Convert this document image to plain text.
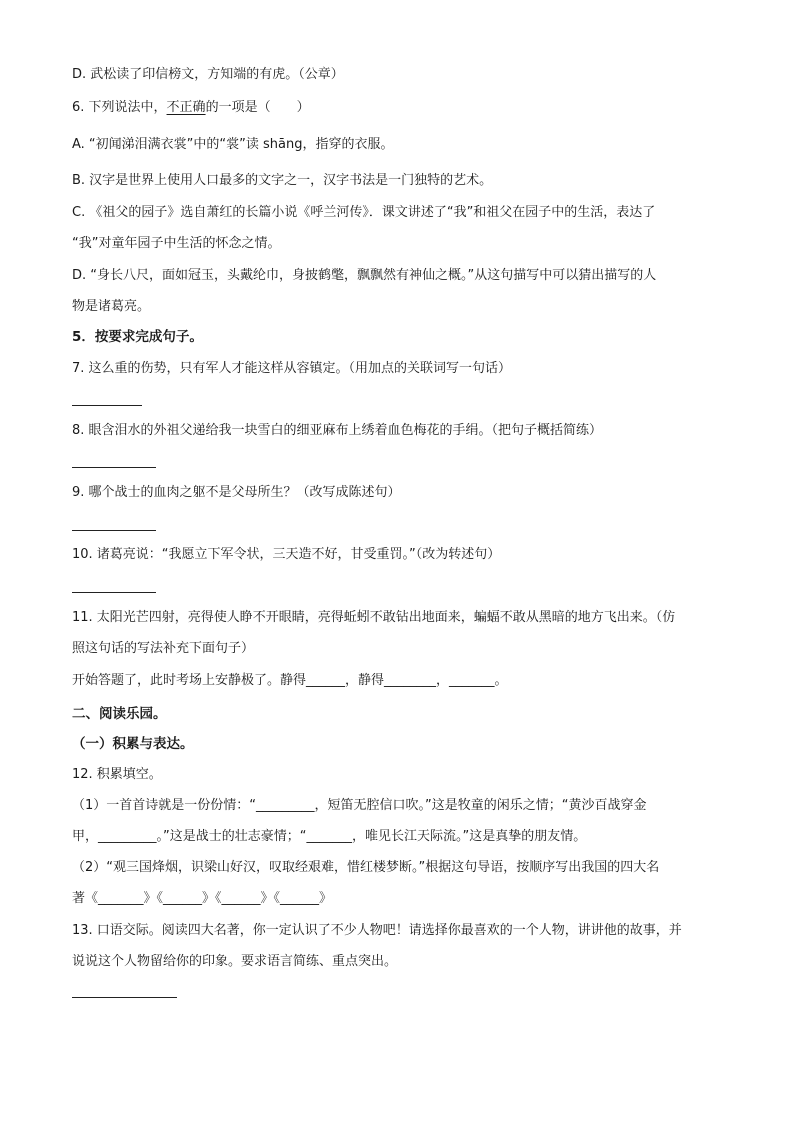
D. 武松读了印信榜文，方知端的有虎。（公章）
6. 下列说法中，不正确的一项是（　　）
A. “初闻涕泪满衣裳”中的“裳”读 shāng，指穿的衣服。
B. 汉字是世界上使用人口最多的文字之一，汉字书法是一门独特的艺术。
C. 《祖父的园子》选自萧红的长篇小说《呼兰河传》．课文讲述了“我”和祖父在园子中的生活，表达了
“我”对童年园子中生活的怀念之情。
D. “身长八尺，面如冠玉，头戴纶巾，身披鹤氅，飘飘然有神仙之概。”从这句描写中可以猜出描写的人
物是诸葛亮。
5．按要求完成句子。
7. 这么重的伤势，只有军人才能这样从容镇定。（用加点的关联词写一句话）
8. 眼含泪水的外祖父递给我一块雪白的细亚麻布上绣着血色梅花的手绢。（把句子概括简练）
9. 哪个战士的血肉之躯不是父母所生？（改写成陈述句）
10. 诸葛亮说：“我愿立下军令状，三天造不好，甘受重罚。”（改为转述句）
11. 太阳光芒四射，亮得使人睁不开眼睛，亮得蚯蚓不敢钻出地面来，蝙蝠不敢从黑暗的地方飞出来。（仿
照这句话的写法补充下面句子）
开始答题了，此时考场上安静极了。静得______，静得________，_______。
二、阅读乐园。
（一）积累与表达。
12. 积累填空。
（1）一首首诗就是一份份情：“_________，短笛无腔信口吹。”这是牧童的闲乐之情；“黄沙百战穿金
甲，_________。”这是战士的壮志豪情；“_______，唯见长江天际流。”这是真挚的朋友情。
（2）“观三国烽烟，识梁山好汉，叹取经艰难，惜红楼梦断。”根据这句导语，按顺序写出我国的四大名
著《_______》《______》《______》《______》
13. 口语交际。阅读四大名著，你一定认识了不少人物吧！请选择你最喜欢的一个人物，讲讲他的故事，并
说说这个人物留给你的印象。要求语言简练、重点突出。
